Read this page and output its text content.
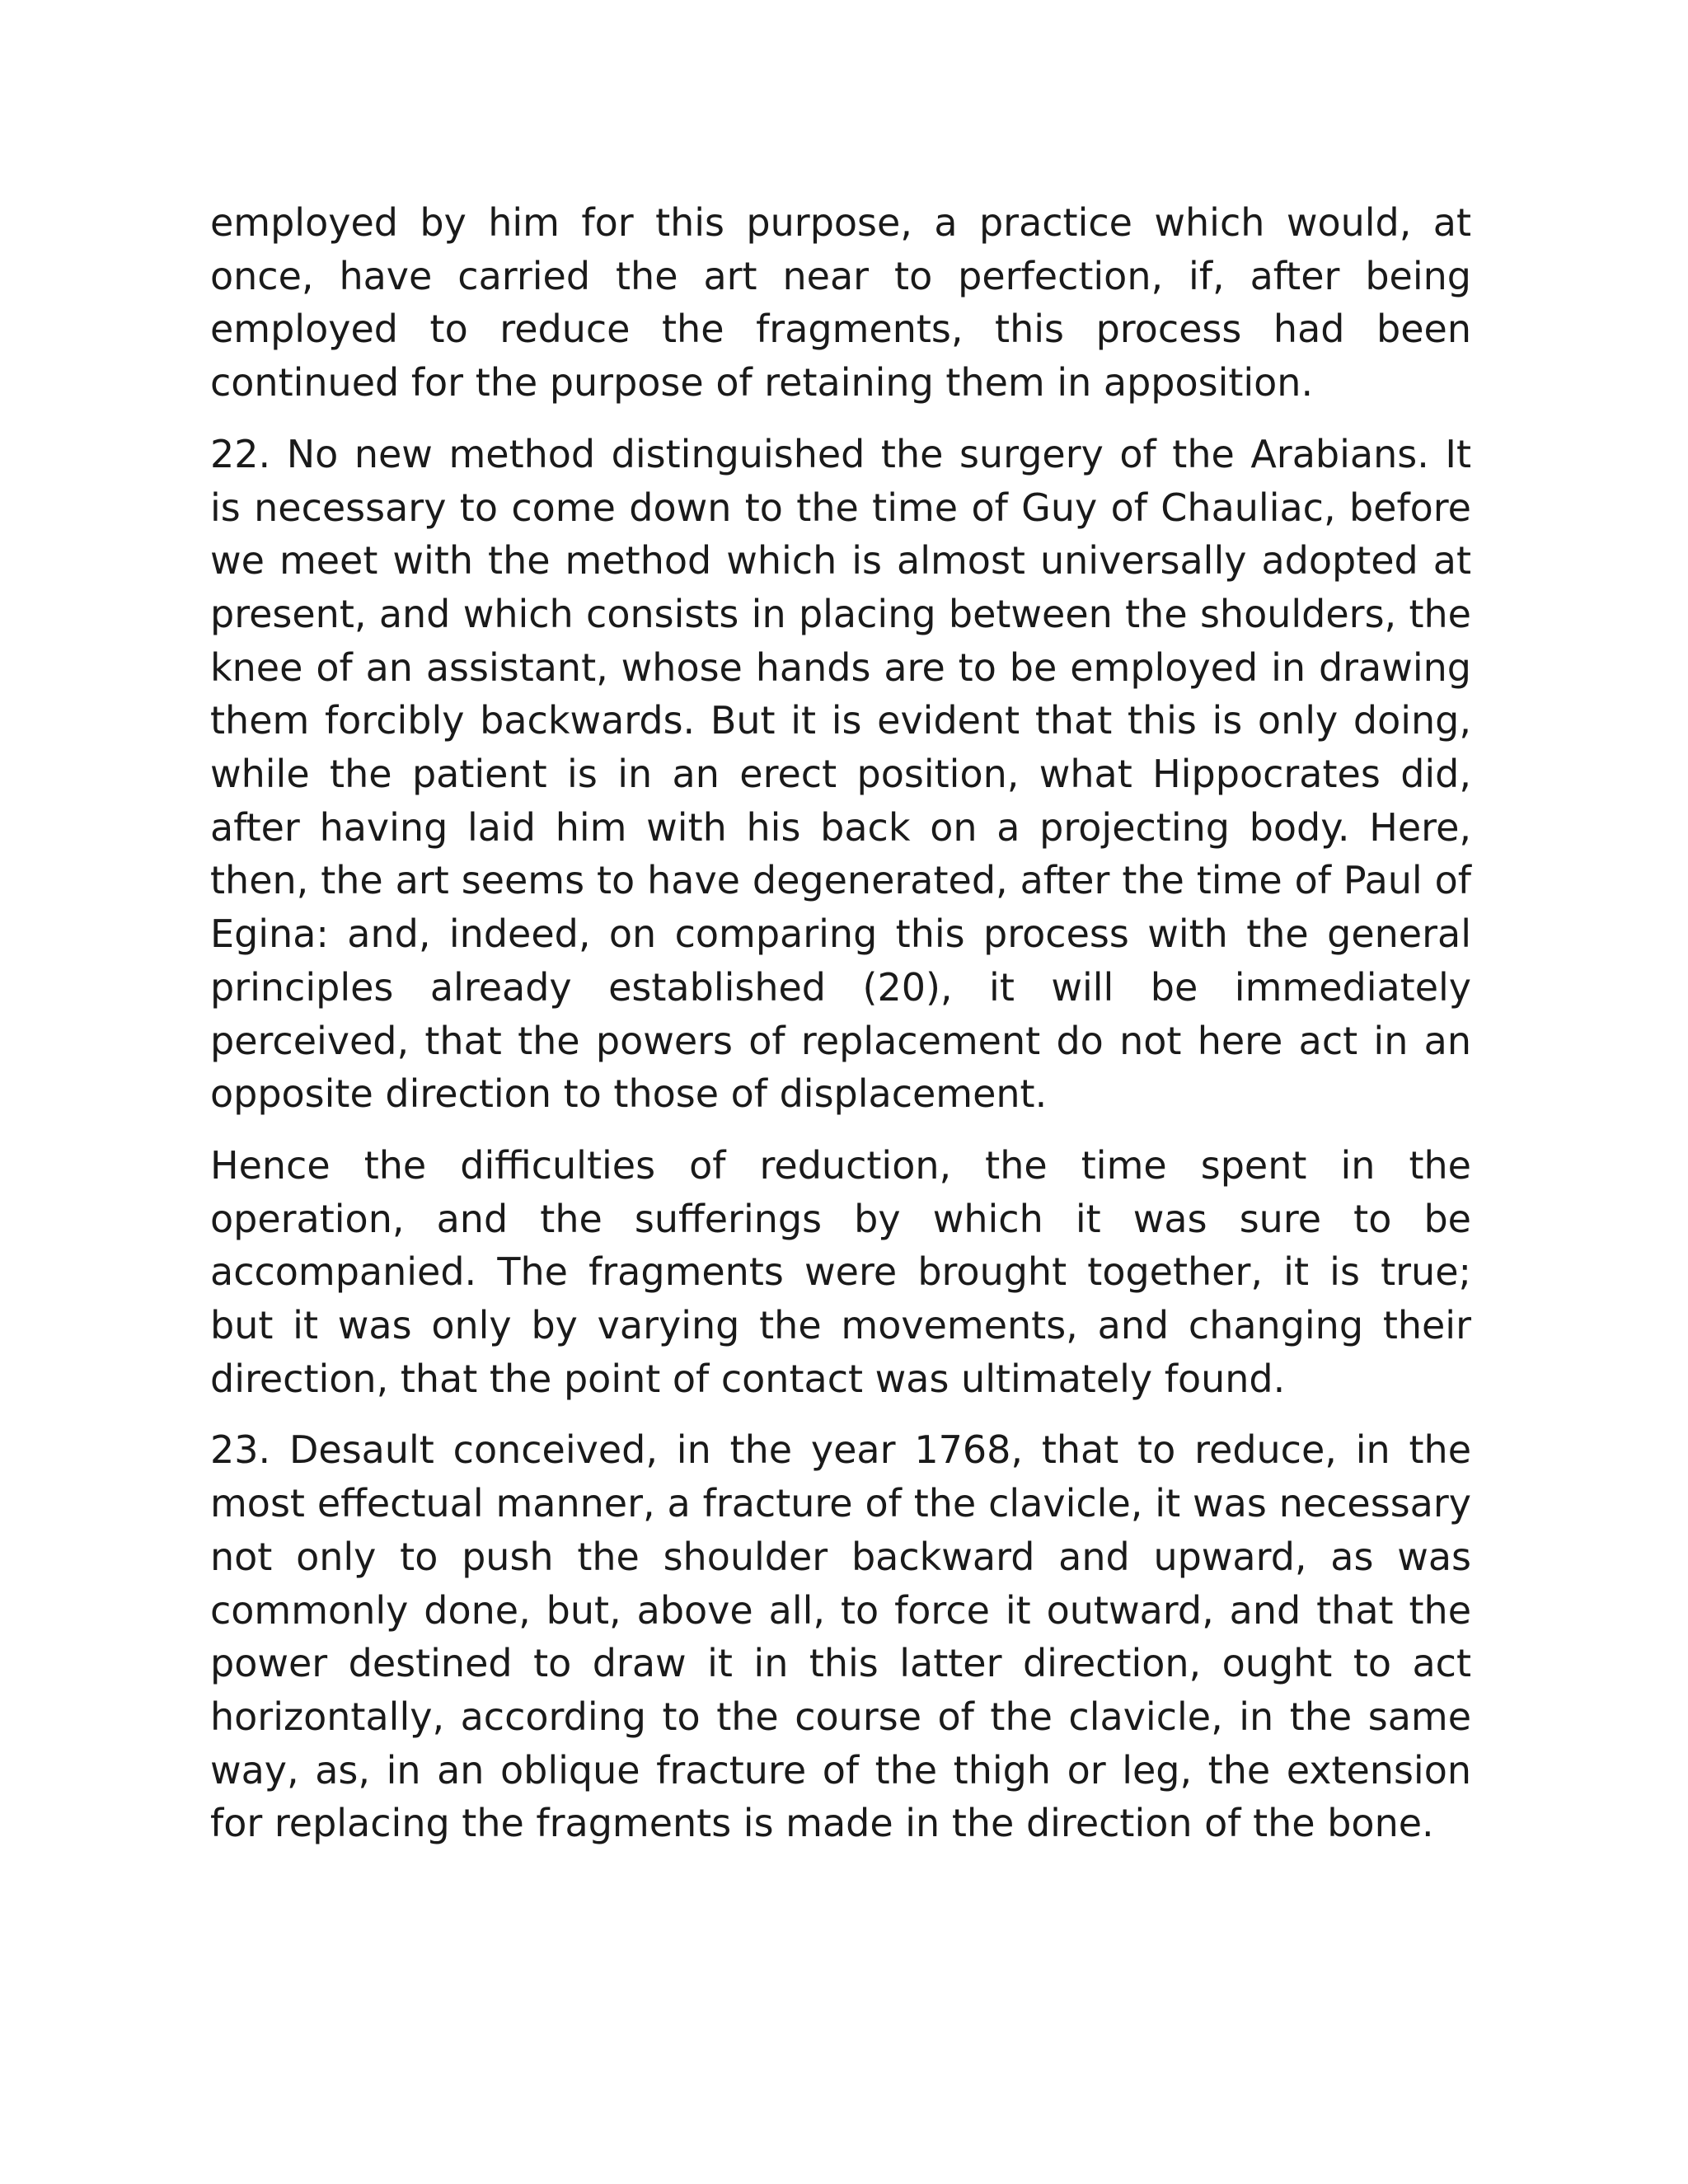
employed by him for this purpose, a practice which would, at once, have carried the art near to perfection, if, after being employed to reduce the fragments, this process had been continued for the purpose of retaining them in apposition.

22. No new method distinguished the surgery of the Arabians. It is necessary to come down to the time of Guy of Chauliac, before we meet with the method which is almost universally adopted at present, and which consists in placing between the shoulders, the knee of an assistant, whose hands are to be employed in drawing them forcibly backwards. But it is evident that this is only doing, while the patient is in an erect position, what Hippocrates did, after having laid him with his back on a projecting body. Here, then, the art seems to have degenerated, after the time of Paul of Egina: and, indeed, on comparing this process with the general principles already established (20), it will be immediately perceived, that the powers of replacement do not here act in an opposite direction to those of displacement.

Hence the difficulties of reduction, the time spent in the operation, and the sufferings by which it was sure to be accompanied. The fragments were brought together, it is true; but it was only by varying the movements, and changing their direction, that the point of contact was ultimately found.

23. Desault conceived, in the year 1768, that to reduce, in the most effectual manner, a fracture of the clavicle, it was necessary not only to push the shoulder backward and upward, as was commonly done, but, above all, to force it outward, and that the power destined to draw it in this latter direction, ought to act horizontally, according to the course of the clavicle, in the same way, as, in an oblique fracture of the thigh or leg, the extension for replacing the fragments is made in the direction of the bone.
